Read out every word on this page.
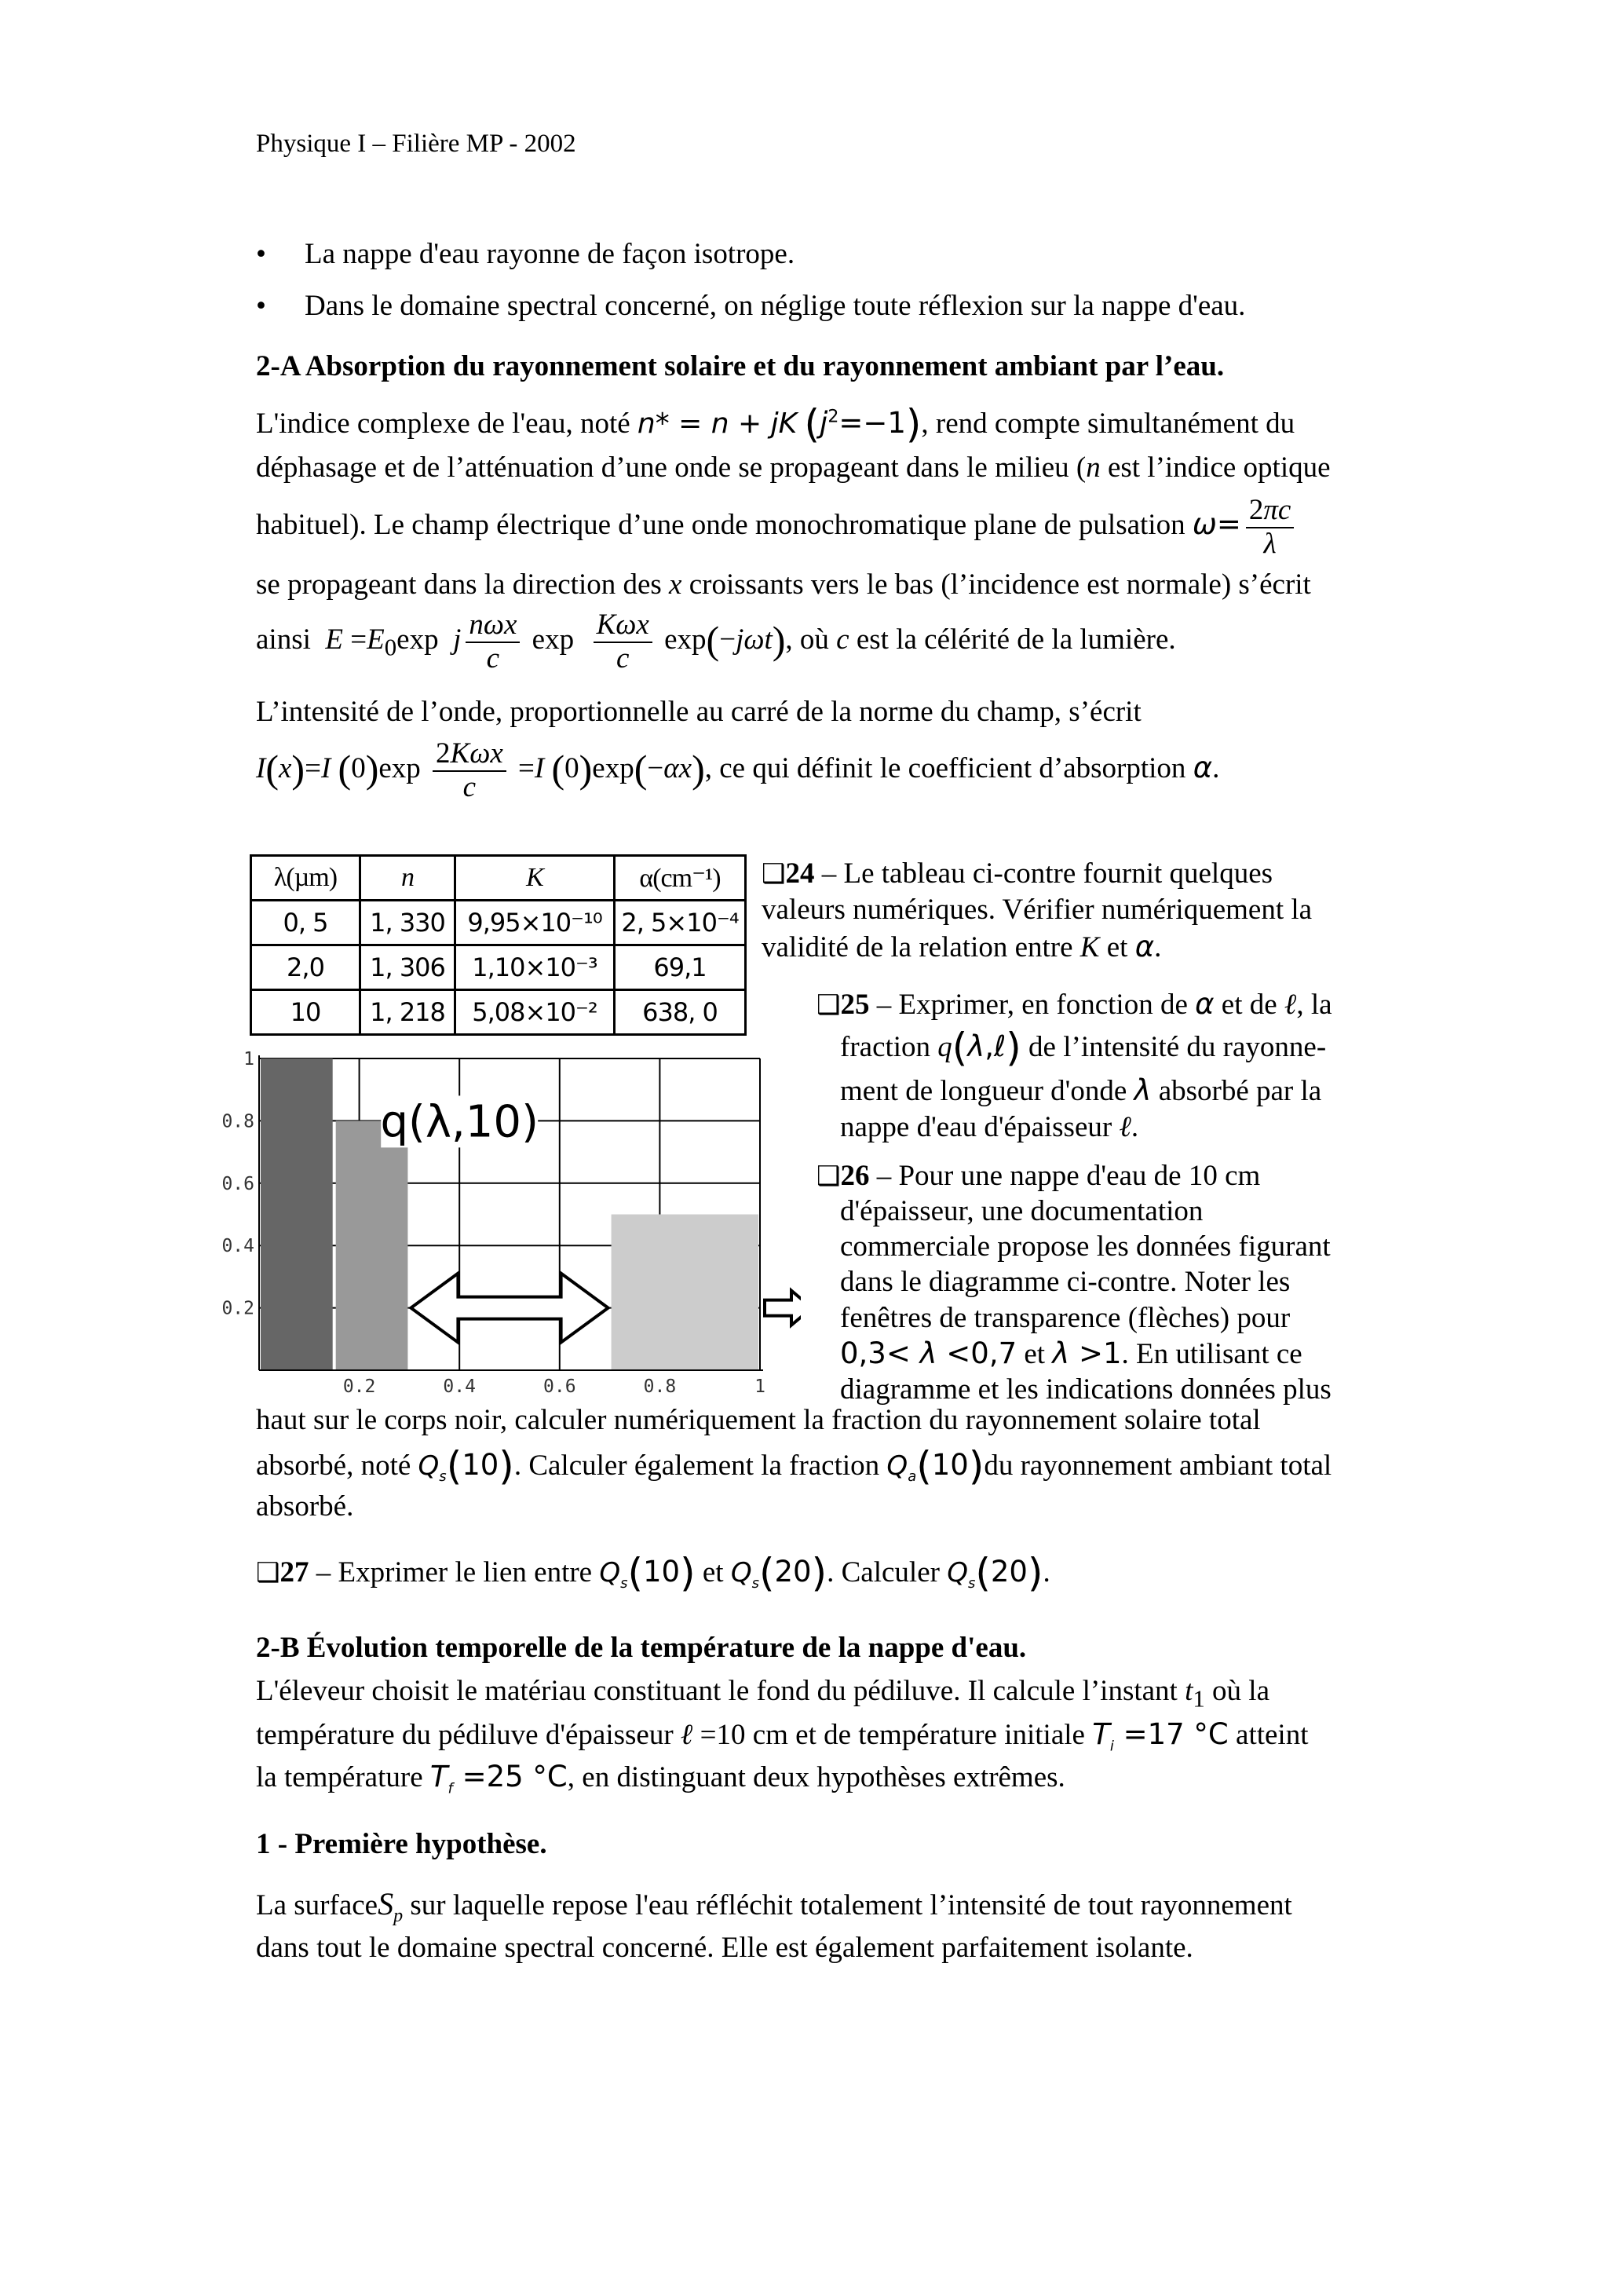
Physique I – Filière MP - 2002
• La nappe d'eau rayonne de façon isotrope.
• Dans le domaine spectral concerné, on néglige toute réflexion sur la nappe d'eau.
2-A Absorption du rayonnement solaire et du rayonnement ambiant par l’eau.
L'indice complexe de l'eau, noté n* = n + jK $(j^2=-1)$, rend compte simultanément du
déphasage et de l’atténuation d’une onde se propageant dans le milieu (n est l’indice optique
habituel). Le champ électrique d’une onde monochromatique plane de pulsation $\omega= \frac{2\pi c}{\lambda}$
se propageant dans la direction des x croissants vers le bas (l’incidence est normale) s’écrit
ainsi $E =E_0\exp$  j $\frac{\text{nωx}}{c}$ $\exp \frac{\text{Kωx}}{c} \exp(-j\omega t)$, où c est la célérité de la lumière.
L’intensité de l’onde, proportionnelle au carré de la norme du champ, s’écrit
I(x)=I $(0)\exp \frac{\text{2Kωx}}{c} =I$ (0)exp(−αx), ce qui définit le coefficient d’absorption α.
λ(µm)	n	K	α(cm⁻¹)
0, 5	1, 330	9,95×10⁻¹⁰	2, 5×10⁻⁴
2,0	1, 306	1,10×10⁻³	69,1
10	1, 218	5,08×10⁻²	638, 0
0.2	0.4	0.6	0.8	1
0.2
0.4
0.6
0.8
1
q(λ,10)
❑24 – Le tableau ci-contre fournit quelques valeurs numériques. Vérifier numériquement la validité de la relation entre K et α.
❑25 – Exprimer, en fonction de α et de ℓ, la
fraction q(λ,ℓ) de l’intensité du rayonne-
ment de longueur d'onde λ absorbé par la
nappe d'eau d'épaisseur ℓ.
❑26 – Pour une nappe d'eau de 10 cm
d'épaisseur, une documentation
commerciale propose les données figurant
dans le diagramme ci-contre. Noter les
fenêtres de transparence (flèches) pour
0,3< λ <0,7 et λ >1. En utilisant ce
diagramme et les indications données plus
haut sur le corps noir, calculer numériquement la fraction du rayonnement solaire total
absorbé, noté $Q_s(10)$. Calculer également la fraction $Q_a(10)du$ rayonnement ambiant total
absorbé.
❑27 – Exprimer le lien entre $Q_s(10)$ et $Q_s(20)$. Calculer $Q_s(20)$.
2-B Évolution temporelle de la température de la nappe d'eau.
L'éleveur choisit le matériau constituant le fond du pédiluve. Il calcule l’instant $t_1$ où la
température du pédiluve d'épaisseur ℓ =10 cm et de température initiale $T_i =17$ °C atteint
la température $T_f =25$ °C, en distinguant deux hypothèses extrêmes.
1 - Première hypothèse.
La surfaceS$_p$ sur laquelle repose l'eau réfléchit totalement l’intensité de tout rayonnement
dans tout le domaine spectral concerné. Elle est également parfaitement isolante.
